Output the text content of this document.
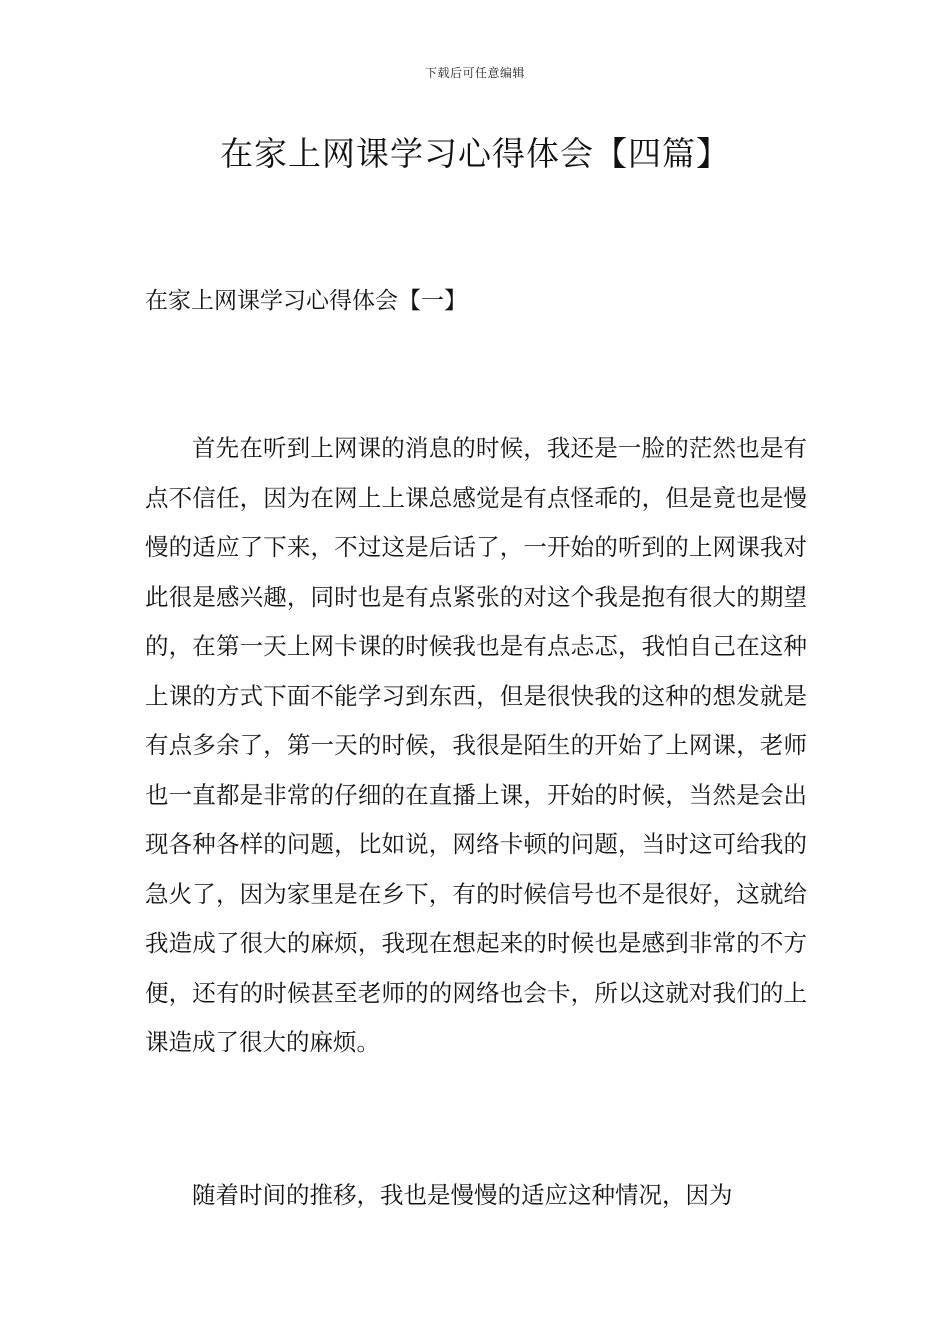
下载后可任意编辑
在家上网课学习心得体会【四篇】
在家上网课学习心得体会【一】

首先在听到上网课的消息的时候，我还是一脸的茫然也是有点不信任，因为在网上上课总感觉是有点怪乖的，但是竟也是慢慢的适应了下来，不过这是后话了，一开始的听到的上网课我对此很是感兴趣，同时也是有点紧张的对这个我是抱有很大的期望的，在第一天上网卡课的时候我也是有点忐忑，我怕自己在这种上课的方式下面不能学习到东西，但是很快我的这种的想发就是有点多余了，第一天的时候，我很是陌生的开始了上网课，老师也一直都是非常的仔细的在直播上课，开始的时候，当然是会出现各种各样的问题，比如说，网络卡顿的问题，当时这可给我的急火了，因为家里是在乡下，有的时候信号也不是很好，这就给我造成了很大的麻烦，我现在想起来的时候也是感到非常的不方便，还有的时候甚至老师的的网络也会卡，所以这就对我们的上课造成了很大的麻烦。

随着时间的推移，我也是慢慢的适应这种情况，因为
